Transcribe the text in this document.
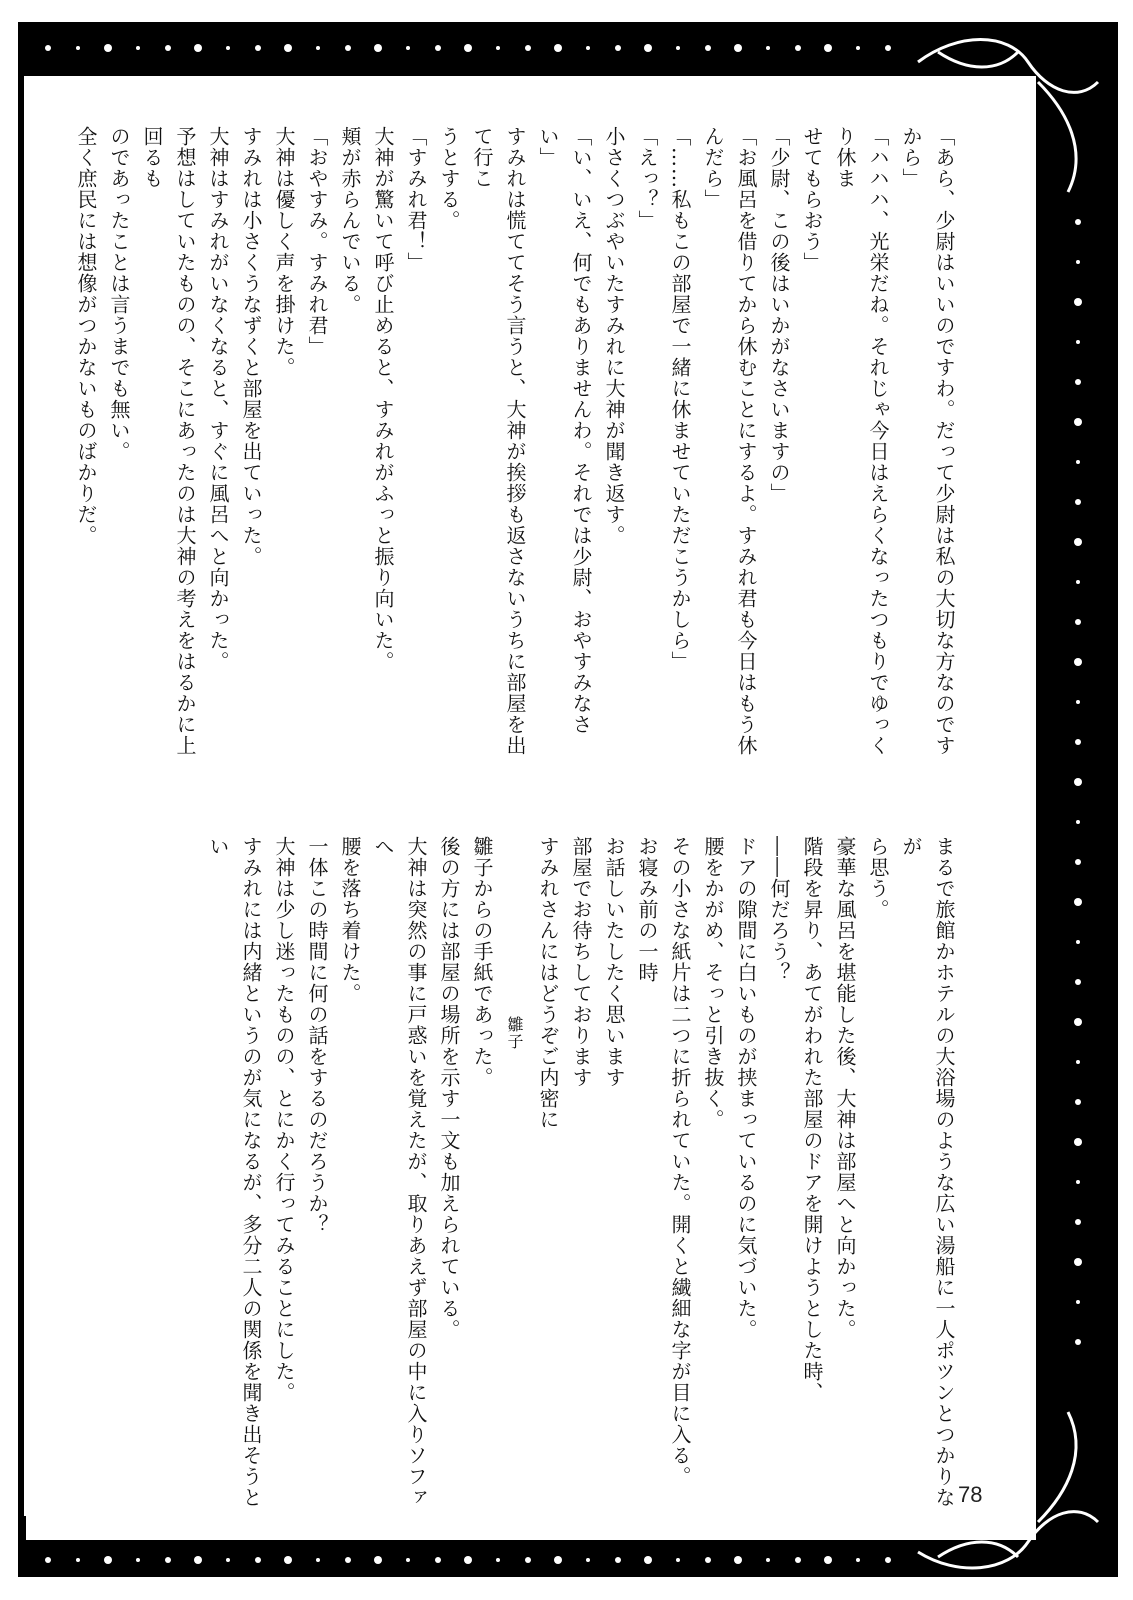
「あら、少尉はいいのですわ。だって少尉は私の大切な方なのですから」

「ハハハ、光栄だね。それじゃ今日はえらくなったつもりでゆっくり休ま

せてもらおう」

「少尉、この後はいかがなさいますの」

「お風呂を借りてから休むことにするよ。すみれ君も今日はもう休んだら」

「……私もこの部屋で一緒に休ませていただこうかしら」

「えっ？」

小さくつぶやいたすみれに大神が聞き返す。

「い、いえ、何でもありませんわ。それでは少尉、おやすみなさい」

すみれは慌ててそう言うと、大神が挨拶も返さないうちに部屋を出て行こ

うとする。

「すみれ君！」

大神が驚いて呼び止めると、すみれがふっと振り向いた。

頬が赤らんでいる。

「おやすみ。すみれ君」

大神は優しく声を掛けた。

すみれは小さくうなずくと部屋を出ていった。

大神はすみれがいなくなると、すぐに風呂へと向かった。

予想はしていたものの、そこにあったのは大神の考えをはるかに上回るも

のであったことは言うまでも無い。

全く庶民には想像がつかないものばかりだ。

まるで旅館かホテルの大浴場のような広い湯船に一人ポツンとつかりなが

ら思う。

豪華な風呂を堪能した後、大神は部屋へと向かった。

階段を昇り、あてがわれた部屋のドアを開けようとした時、

――何だろう？

ドアの隙間に白いものが挟まっているのに気づいた。

腰をかがめ、そっと引き抜く。

その小さな紙片は二つに折られていた。開くと繊細な字が目に入る。

お寝み前の一時

お話しいたしたく思います

部屋でお待ちしております

すみれさんにはどうぞご内密に

雛子

雛子からの手紙であった。

後の方には部屋の場所を示す一文も加えられている。

大神は突然の事に戸惑いを覚えたが、取りあえず部屋の中に入りソファへ

腰を落ち着けた。

一体この時間に何の話をするのだろうか？

大神は少し迷ったものの、とにかく行ってみることにした。

すみれには内緒というのが気になるが、多分二人の関係を聞き出そうとい

78
